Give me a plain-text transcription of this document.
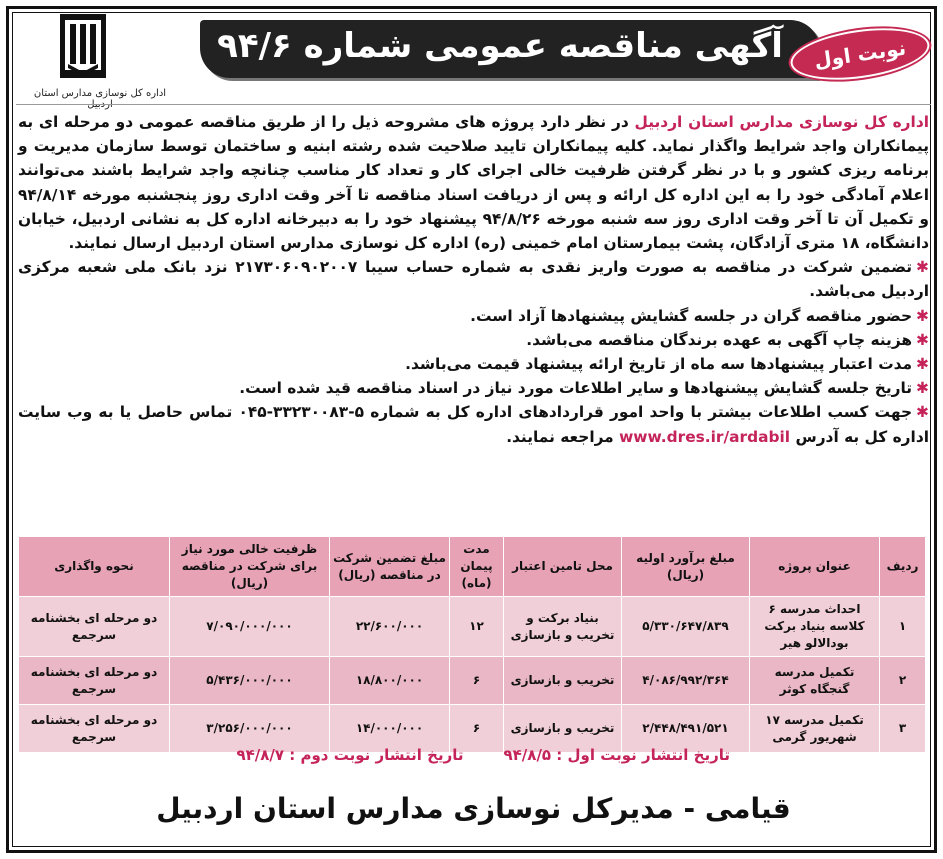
اداره کل نوسازی مدارس استان اردبیل
آگهی مناقصه عمومی شماره ۹۴/۶	نوبت اول

اداره کل نوسازی مدارس استان اردبیل در نظر دارد پروژه های مشروحه ذیل را از طریق مناقصه عمومی دو مرحله ای به پیمانکاران واجد شرایط واگذار نماید. کلیه پیمانکاران تایید صلاحیت شده رشته ابنیه و ساختمان توسط سازمان مدیریت و برنامه ریزی کشور و با در نظر گرفتن ظرفیت خالی اجرای کار و تعداد کار مناسب چنانچه واجد شرایط باشند می‌توانند اعلام آمادگی خود را به این اداره کل ارائه و پس از دریافت اسناد مناقصه تا آخر وقت اداری روز پنجشنبه مورخه ۹۴/۸/۱۴ و تکمیل آن تا آخر وقت اداری روز سه شنبه مورخه ۹۴/۸/۲۶ پیشنهاد خود را به دبیرخانه اداره کل به نشانی اردبیل، خیابان دانشگاه، ۱۸ متری آزادگان، پشت بیمارستان امام خمینی (ره) اداره کل نوسازی مدارس استان اردبیل ارسال نمایند.

✱تضمین شرکت در مناقصه به صورت واریز نقدی به شماره حساب سیبا ۲۱۷۳۰۶۰۹۰۲۰۰۷ نزد بانک ملی شعبه مرکزی اردبیل می‌باشد.

✱حضور مناقصه گران در جلسه گشایش پیشنهادها آزاد است.

✱هزینه چاپ آگهی به عهده برندگان مناقصه می‌باشد.

✱مدت اعتبار پیشنهادها سه ماه از تاریخ ارائه پیشنهاد قیمت می‌باشد.

✱تاریخ جلسه گشایش پیشنهادها و سایر اطلاعات مورد نیاز در اسناد مناقصه قید شده است.

✱جهت کسب اطلاعات بیشتر با واحد امور قراردادهای اداره کل به شماره ۵-۳۳۲۳۰۰۸۳-۰۴۵ تماس حاصل یا به وب سایت اداره کل به آدرس www.dres.ir/ardabil مراجعه نمایند.

ردیف	عنوان پروژه	مبلغ برآورد اولیه (ریال)	محل تامین اعتبار	مدت پیمان (ماه)	مبلغ تضمین شرکت در مناقصه (ریال)	ظرفیت خالی مورد نیاز برای شرکت در مناقصه (ریال)	نحوه واگذاری
۱	احداث مدرسه ۶ کلاسه بنیاد برکت بودالالو هیر	۵/۳۳۰/۶۴۷/۸۳۹	بنیاد برکت و تخریب و بازسازی	۱۲	۲۲/۶۰۰/۰۰۰	۷/۰۹۰/۰۰۰/۰۰۰	دو مرحله ای بخشنامه سرجمع
۲	تکمیل مدرسه گنجگاه کوثر	۴/۰۸۶/۹۹۲/۳۶۴	تخریب و بازسازی	۶	۱۸/۸۰۰/۰۰۰	۵/۴۳۶/۰۰۰/۰۰۰	دو مرحله ای بخشنامه سرجمع
۳	تکمیل مدرسه ۱۷ شهریور گرمی	۲/۴۴۸/۴۹۱/۵۲۱	تخریب و بازسازی	۶	۱۴/۰۰۰/۰۰۰	۳/۲۵۶/۰۰۰/۰۰۰	دو مرحله ای بخشنامه سرجمع
تاریخ انتشار نوبت اول : ۹۴/۸/۵
تاریخ انتشار نوبت دوم : ۹۴/۸/۷
قیامی - مدیرکل نوسازی مدارس استان اردبیل
